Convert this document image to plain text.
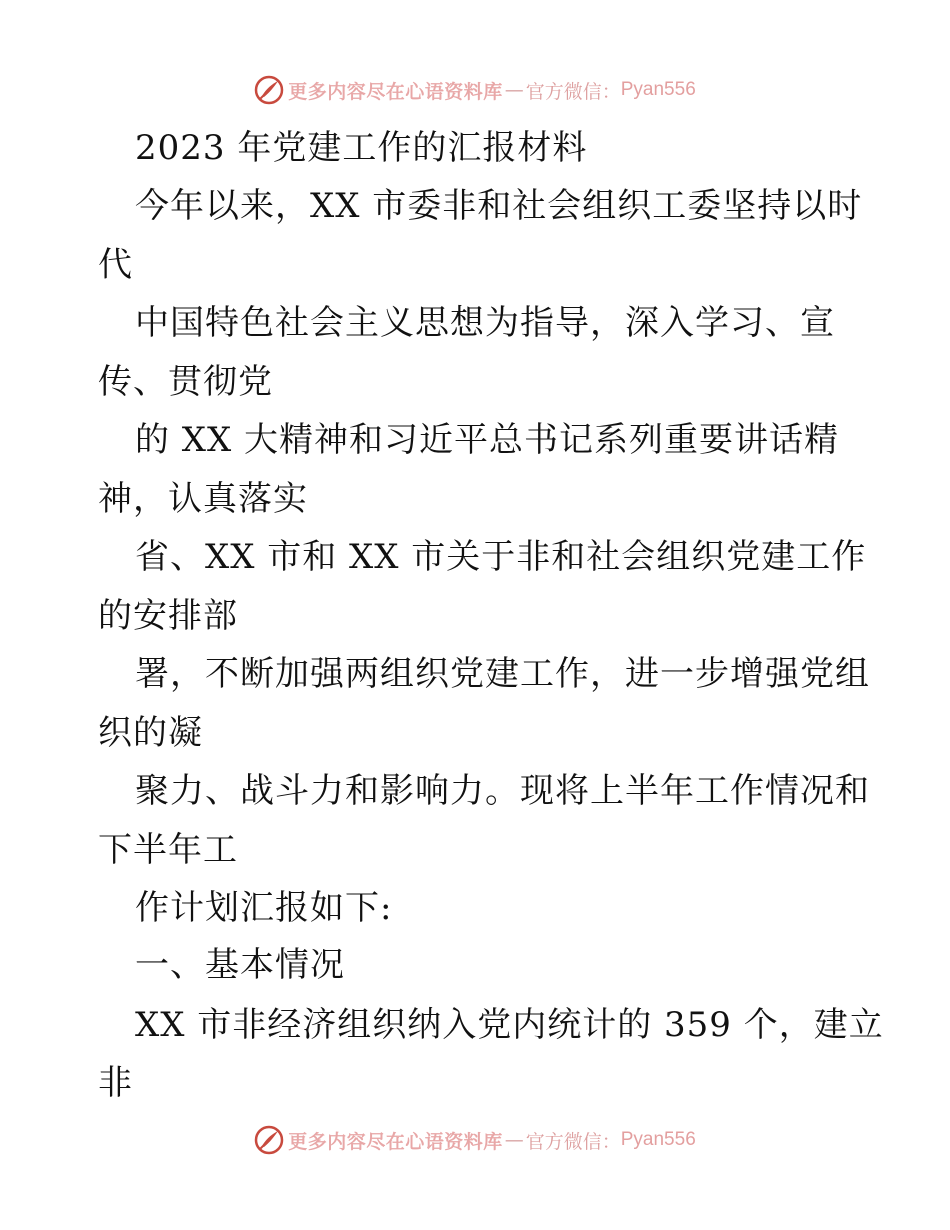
更多内容尽在心语资料库 — 官方微信： Pyan556
2023 年党建工作的汇报材料
今年以来，XX 市委非和社会组织工委坚持以时
代
中国特色社会主义思想为指导，深入学习、宣
传、贯彻党
的 XX 大精神和习近平总书记系列重要讲话精
神，认真落实
省、XX 市和 XX 市关于非和社会组织党建工作
的安排部
署，不断加强两组织党建工作，进一步增强党组
织的凝
聚力、战斗力和影响力。现将上半年工作情况和
下半年工
作计划汇报如下:
一、基本情况
XX 市非经济组织纳入党内统计的 359 个，建立
非
更多内容尽在心语资料库 — 官方微信： Pyan556
